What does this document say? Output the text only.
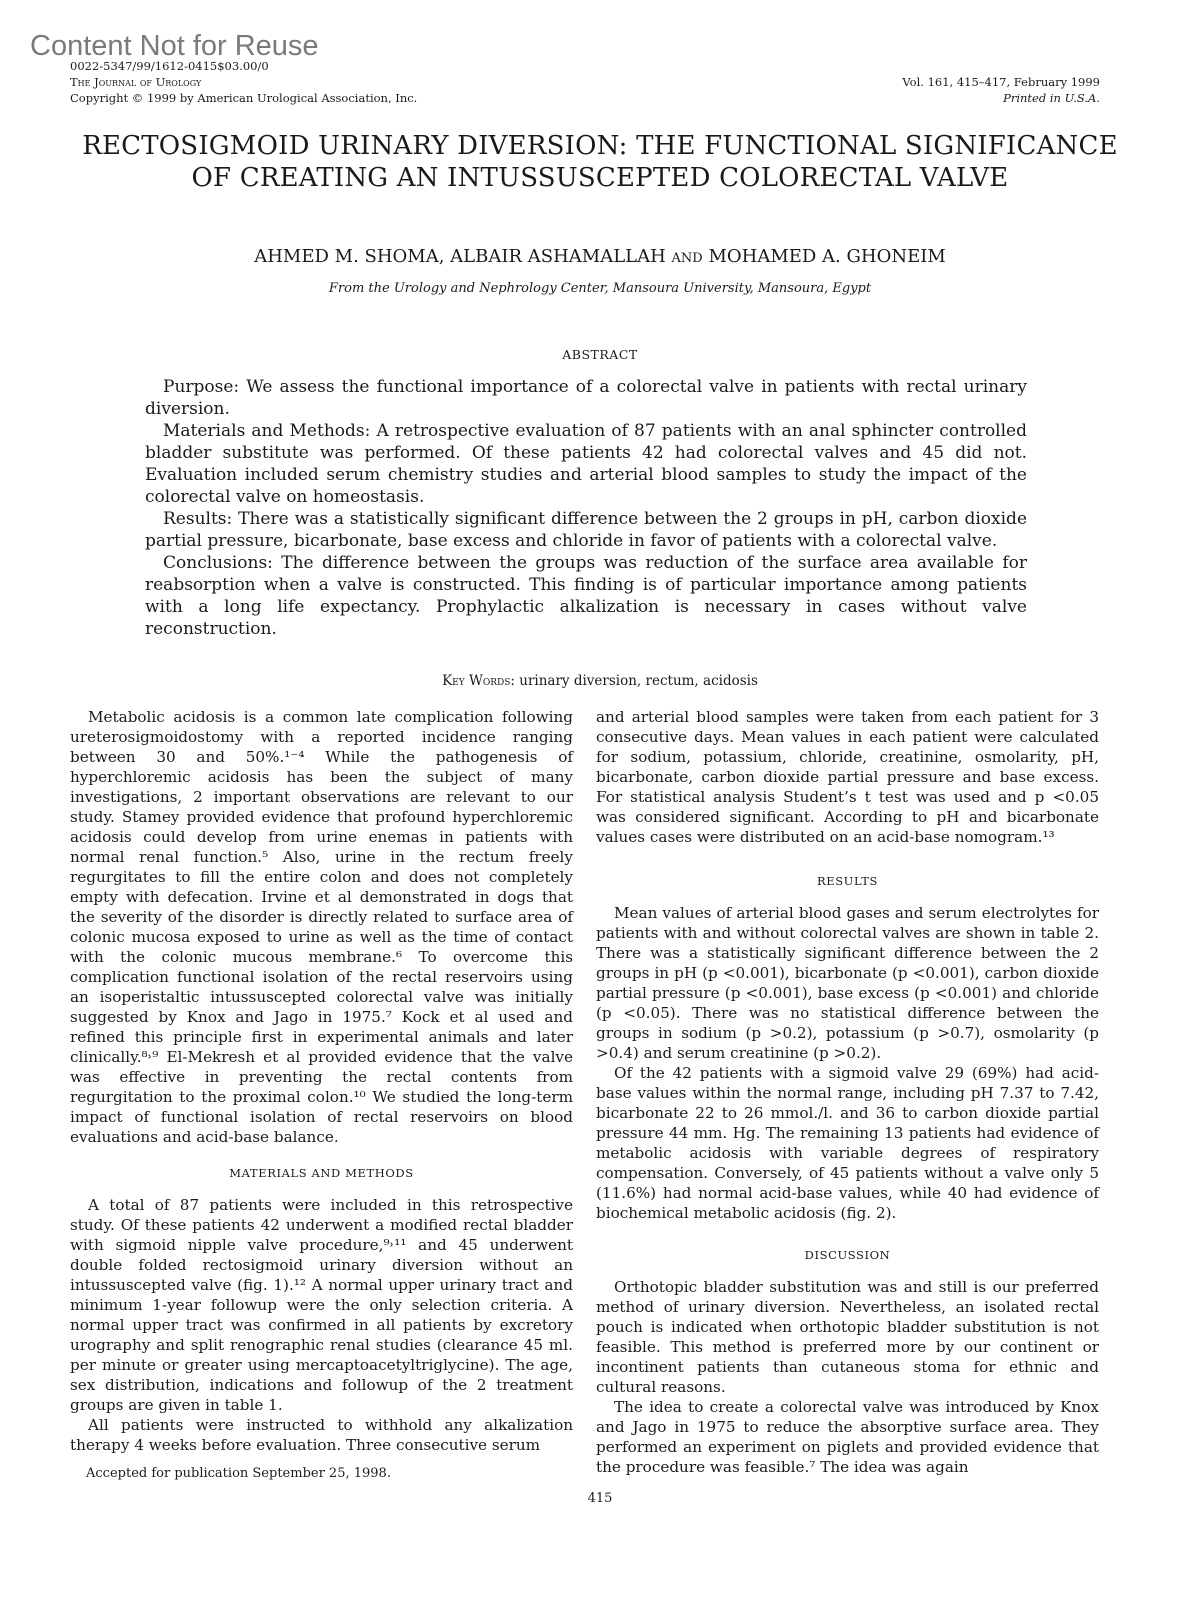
Content Not for Reuse
0022-5347/99/1612-0415$03.00/0
The Journal of Urology
Copyright © 1999 by American Urological Association, Inc.
Vol. 161, 415–417, February 1999
Printed in U.S.A.
RECTOSIGMOID URINARY DIVERSION: THE FUNCTIONAL SIGNIFICANCE OF CREATING AN INTUSSUSCEPTED COLORECTAL VALVE
AHMED M. SHOMA, ALBAIR ASHAMALLAH and MOHAMED A. GHONEIM
From the Urology and Nephrology Center, Mansoura University, Mansoura, Egypt
ABSTRACT

Purpose: We assess the functional importance of a colorectal valve in patients with rectal urinary diversion.

Materials and Methods: A retrospective evaluation of 87 patients with an anal sphincter controlled bladder substitute was performed. Of these patients 42 had colorectal valves and 45 did not. Evaluation included serum chemistry studies and arterial blood samples to study the impact of the colorectal valve on homeostasis.

Results: There was a statistically significant difference between the 2 groups in pH, carbon dioxide partial pressure, bicarbonate, base excess and chloride in favor of patients with a colorectal valve.

Conclusions: The difference between the groups was reduction of the surface area available for reabsorption when a valve is constructed. This finding is of particular importance among patients with a long life expectancy. Prophylactic alkalization is necessary in cases without valve reconstruction.

Key Words: urinary diversion, rectum, acidosis

Metabolic acidosis is a common late complication following ureterosigmoidostomy with a reported incidence ranging between 30 and 50%.¹⁻⁴ While the pathogenesis of hyperchloremic acidosis has been the subject of many investigations, 2 important observations are relevant to our study. Stamey provided evidence that profound hyperchloremic acidosis could develop from urine enemas in patients with normal renal function.⁵ Also, urine in the rectum freely regurgitates to fill the entire colon and does not completely empty with defecation. Irvine et al demonstrated in dogs that the severity of the disorder is directly related to surface area of colonic mucosa exposed to urine as well as the time of contact with the colonic mucous membrane.⁶ To overcome this complication functional isolation of the rectal reservoirs using an isoperistaltic intussuscepted colorectal valve was initially suggested by Knox and Jago in 1975.⁷ Kock et al used and refined this principle first in experimental animals and later clinically.⁸˒⁹ El-Mekresh et al provided evidence that the valve was effective in preventing the rectal contents from regurgitation to the proximal colon.¹⁰ We studied the long-term impact of functional isolation of rectal reservoirs on blood evaluations and acid-base balance.

MATERIALS AND METHODS

A total of 87 patients were included in this retrospective study. Of these patients 42 underwent a modified rectal bladder with sigmoid nipple valve procedure,⁹˒¹¹ and 45 underwent double folded rectosigmoid urinary diversion without an intussuscepted valve (fig. 1).¹² A normal upper urinary tract and minimum 1-year followup were the only selection criteria. A normal upper tract was confirmed in all patients by excretory urography and split renographic renal studies (clearance 45 ml. per minute or greater using mercaptoacetyltriglycine). The age, sex distribution, indications and followup of the 2 treatment groups are given in table 1.

All patients were instructed to withhold any alkalization therapy 4 weeks before evaluation. Three consecutive serum

and arterial blood samples were taken from each patient for 3 consecutive days. Mean values in each patient were calculated for sodium, potassium, chloride, creatinine, osmolarity, pH, bicarbonate, carbon dioxide partial pressure and base excess. For statistical analysis Student’s t test was used and p <0.05 was considered significant. According to pH and bicarbonate values cases were distributed on an acid-base nomogram.¹³

RESULTS

Mean values of arterial blood gases and serum electrolytes for patients with and without colorectal valves are shown in table 2. There was a statistically significant difference between the 2 groups in pH (p <0.001), bicarbonate (p <0.001), carbon dioxide partial pressure (p <0.001), base excess (p <0.001) and chloride (p <0.05). There was no statistical difference between the groups in sodium (p >0.2), potassium (p >0.7), osmolarity (p >0.4) and serum creatinine (p >0.2).

Of the 42 patients with a sigmoid valve 29 (69%) had acid-base values within the normal range, including pH 7.37 to 7.42, bicarbonate 22 to 26 mmol./l. and 36 to carbon dioxide partial pressure 44 mm. Hg. The remaining 13 patients had evidence of metabolic acidosis with variable degrees of respiratory compensation. Conversely, of 45 patients without a valve only 5 (11.6%) had normal acid-base values, while 40 had evidence of biochemical metabolic acidosis (fig. 2).

DISCUSSION

Orthotopic bladder substitution was and still is our preferred method of urinary diversion. Nevertheless, an isolated rectal pouch is indicated when orthotopic bladder substitution is not feasible. This method is preferred more by our continent or incontinent patients than cutaneous stoma for ethnic and cultural reasons.

The idea to create a colorectal valve was introduced by Knox and Jago in 1975 to reduce the absorptive surface area. They performed an experiment on piglets and provided evidence that the procedure was feasible.⁷ The idea was again

Accepted for publication September 25, 1998.
415
